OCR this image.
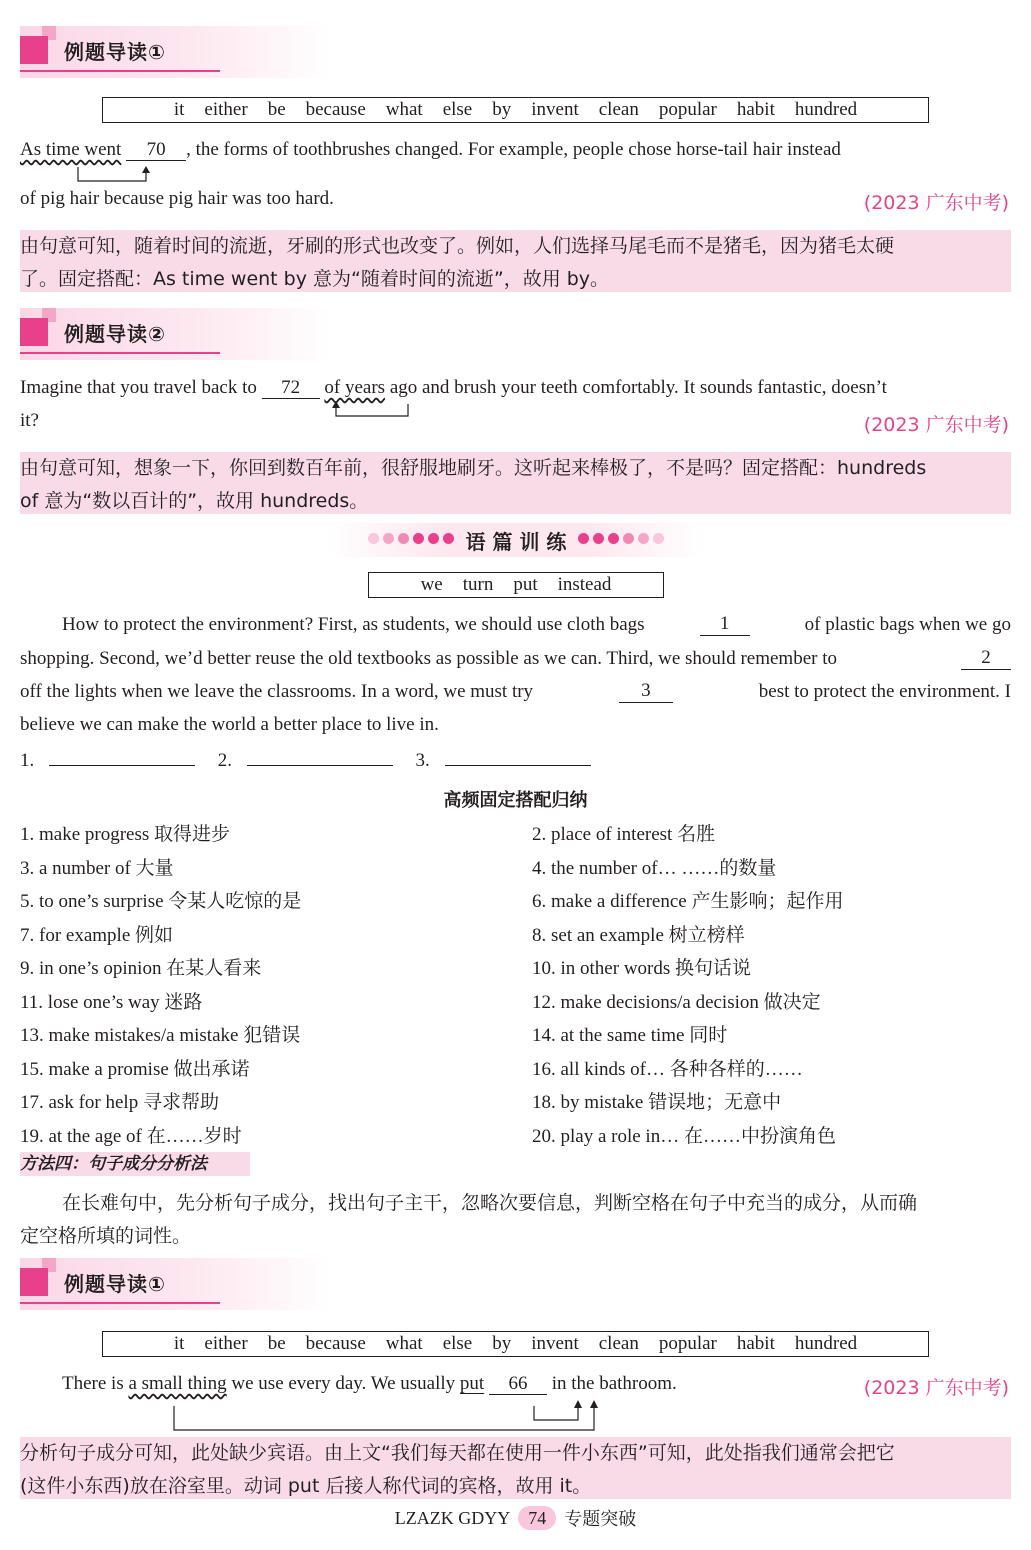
例题导读①
it either be because what else by invent clean popular habit hundred
As time went 70 , the forms of toothbrushes changed. For example, people chose horse-tail hair instead
of pig hair because pig hair was too hard.	(2023 广东中考)
由句意可知，随着时间的流逝，牙刷的形式也改变了。例如，人们选择马尾毛而不是猪毛，因为猪毛太硬
了。固定搭配：As time went by 意为“随着时间的流逝”，故用 by。
例题导读②
Imagine that you travel back to 72 of years ago and brush your teeth comfortably. It sounds fantastic, doesn’t
it?	(2023 广东中考)
由句意可知，想象一下，你回到数百年前，很舒服地刷牙。这听起来棒极了，不是吗？固定搭配：hundreds
of 意为“数以百计的”，故用 hundreds。
语 篇 训 练
we turn put instead
How to protect the environment? First, as students, we should use cloth bags	1	of plastic bags when we go
shopping. Second, we’d better reuse the old textbooks as possible as we can. Third, we should remember to	2
off the lights when we leave the classrooms. In a word, we must try	3	best to protect the environment. I
believe we can make the world a better place to live in.
1.	2.	3.
高频固定搭配归纳
1. make progress 取得进步	2. place of interest 名胜
3. a number of 大量	4. the number of… ……的数量
5. to one’s surprise 令某人吃惊的是	6. make a difference 产生影响；起作用
7. for example 例如	8. set an example 树立榜样
9. in one’s opinion 在某人看来	10. in other words 换句话说
11. lose one’s way 迷路	12. make decisions/a decision 做决定
13. make mistakes/a mistake 犯错误	14. at the same time 同时
15. make a promise 做出承诺	16. all kinds of… 各种各样的……
17. ask for help 寻求帮助	18. by mistake 错误地；无意中
19. at the age of 在……岁时	20. play a role in… 在……中扮演角色
方法四：句子成分分析法
在长难句中，先分析句子成分，找出句子主干，忽略次要信息，判断空格在句子中充当的成分，从而确
定空格所填的词性。
例题导读①
it either be because what else by invent clean popular habit hundred
There is a small thing we use every day. We usually put 66 in the bathroom.	(2023 广东中考)
分析句子成分可知，此处缺少宾语。由上文“我们每天都在使用一件小东西”可知，此处指我们通常会把它
(这件小东西)放在浴室里。动词 put 后接人称代词的宾格，故用 it。
LZAZK GDYY	74	专题突破
